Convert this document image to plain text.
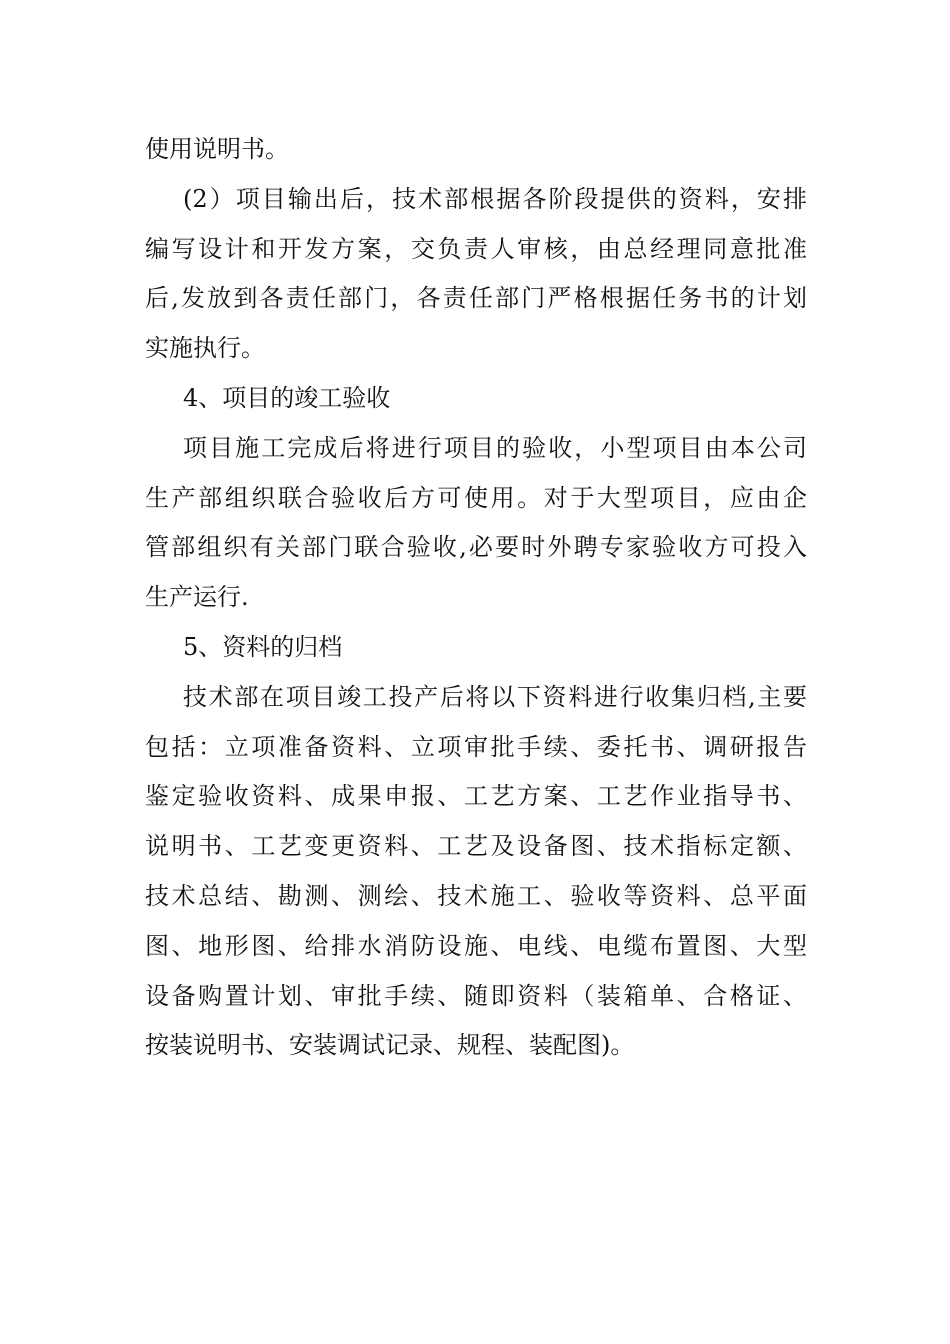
使用说明书。
(2）项目输出后，技术部根据各阶段提供的资料，安排
编写设计和开发方案，交负责人审核，由总经理同意批准
后,发放到各责任部门，各责任部门严格根据任务书的计划
实施执行。
4、项目的竣工验收
项目施工完成后将进行项目的验收，小型项目由本公司
生产部组织联合验收后方可使用。对于大型项目，应由企
管部组织有关部门联合验收,必要时外聘专家验收方可投入
生产运行.
5、资料的归档
技术部在项目竣工投产后将以下资料进行收集归档,主要
包括：立项准备资料、立项审批手续、委托书、调研报告
鉴定验收资料、成果申报、工艺方案、工艺作业指导书、
说明书、工艺变更资料、工艺及设备图、技术指标定额、
技术总结、勘测、测绘、技术施工、验收等资料、总平面
图、地形图、给排水消防设施、电线、电缆布置图、大型
设备购置计划、审批手续、随即资料（装箱单、合格证、
按装说明书、安装调试记录、规程、装配图)。
